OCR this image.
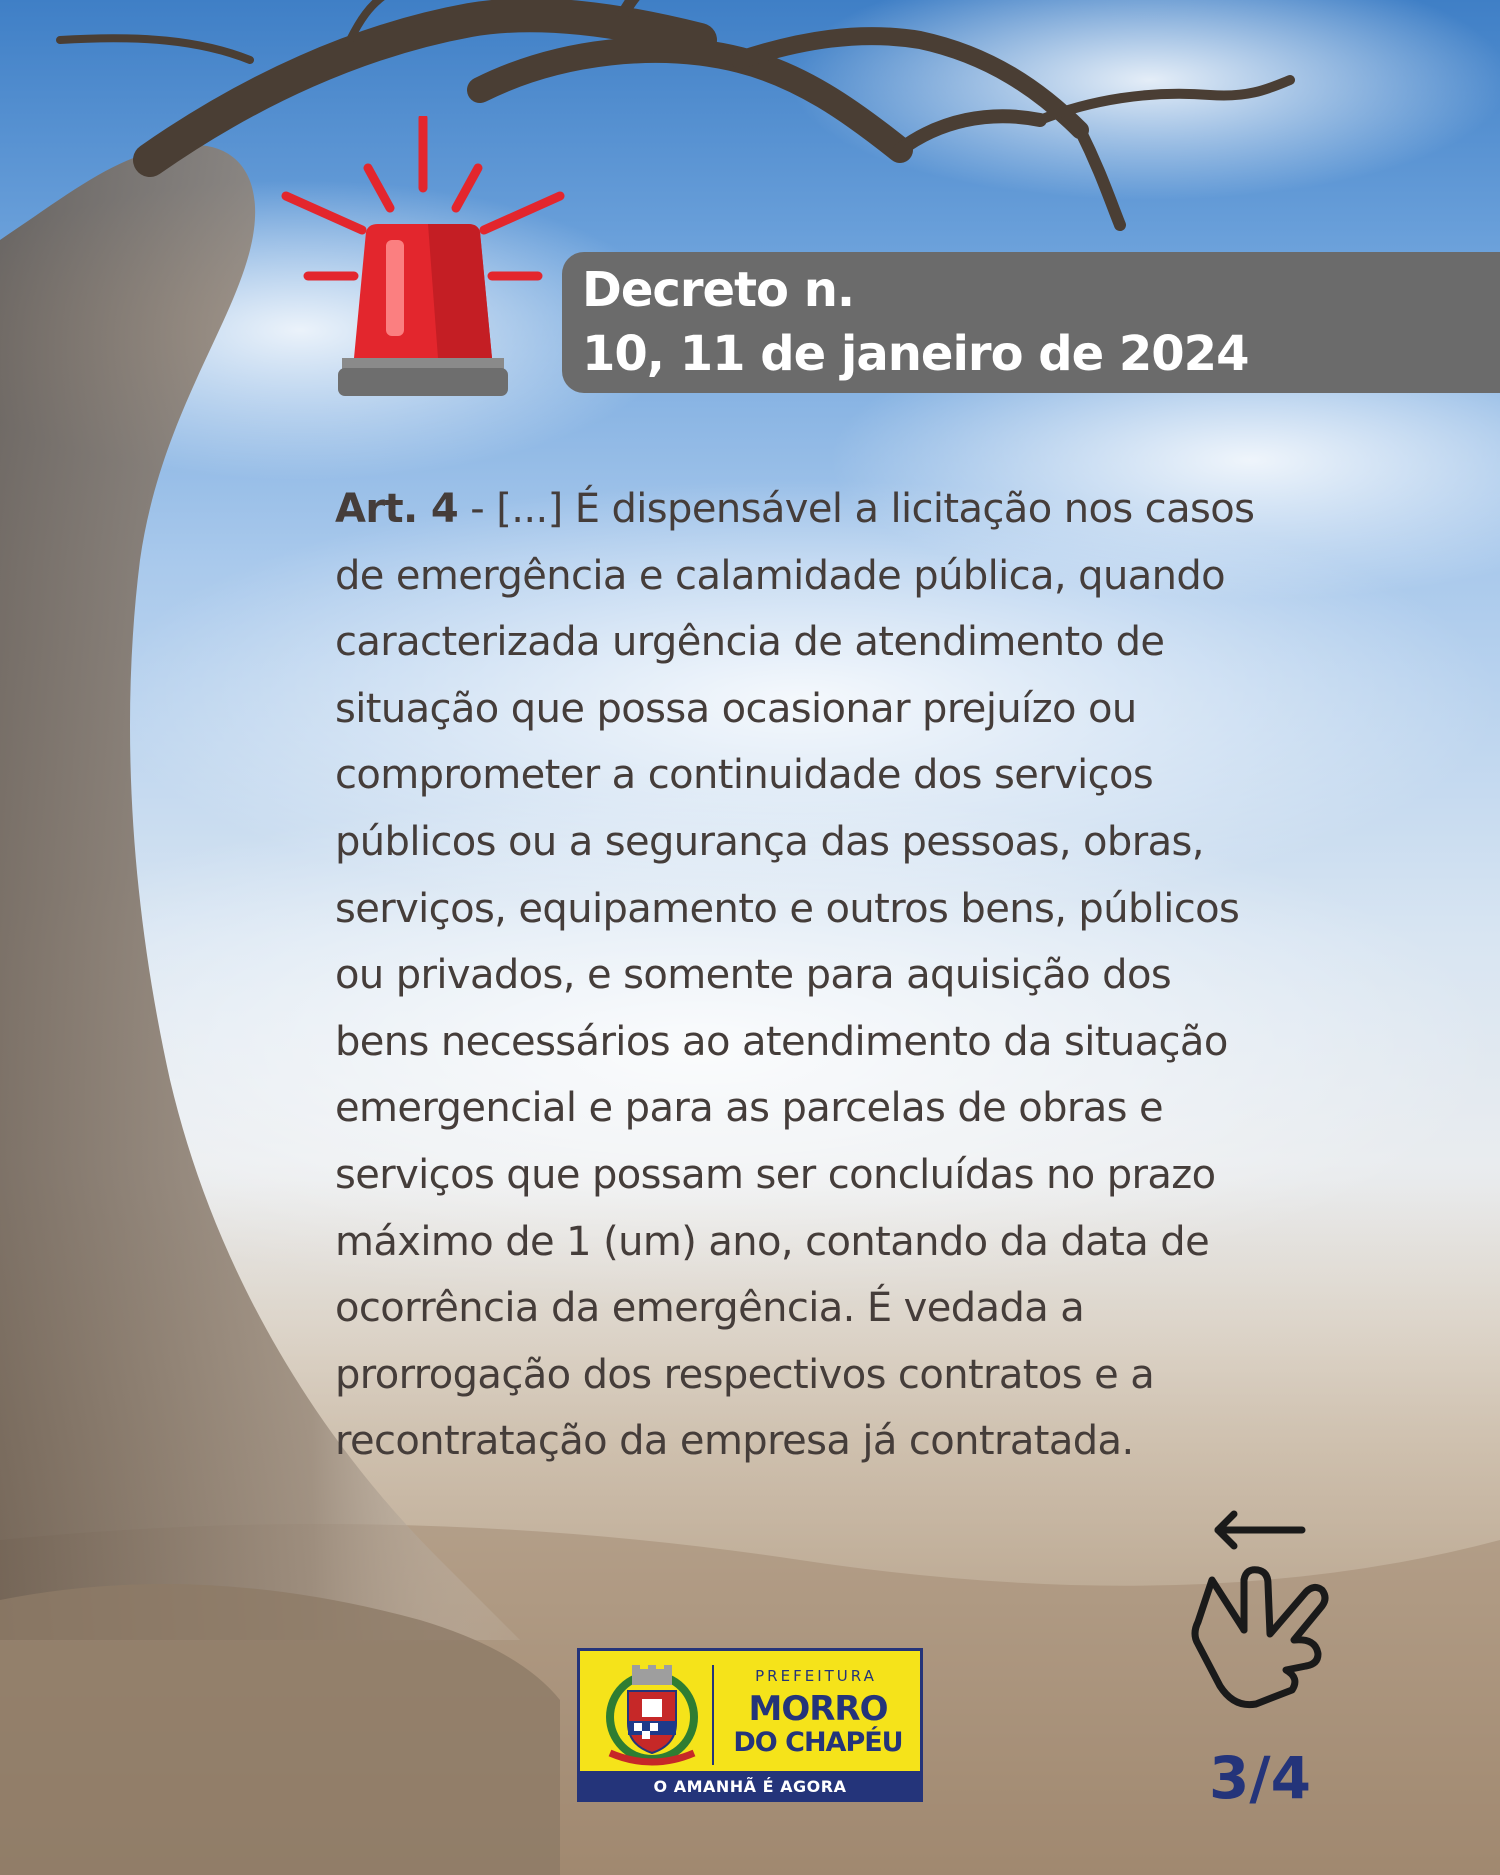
Decreto n.
10, 11 de janeiro de 2024
Art. 4 - [...] É dispensável a licitação nos casos
de emergência e calamidade pública, quando
caracterizada urgência de atendimento de
situação que possa ocasionar prejuízo ou
comprometer a continuidade dos serviços
públicos ou a segurança das pessoas, obras,
serviços, equipamento e outros bens, públicos
ou privados, e somente para aquisição dos
bens necessários ao atendimento da situação
emergencial e para as parcelas de obras e
serviços que possam ser concluídas no prazo
máximo de 1 (um) ano, contando da data de
ocorrência da emergência. É vedada a
prorrogação dos respectivos contratos e a
recontratação da empresa já contratada.
PREFEITURA
MORRO
DO CHAPÉU
O AMANHÃ É AGORA	3/4
